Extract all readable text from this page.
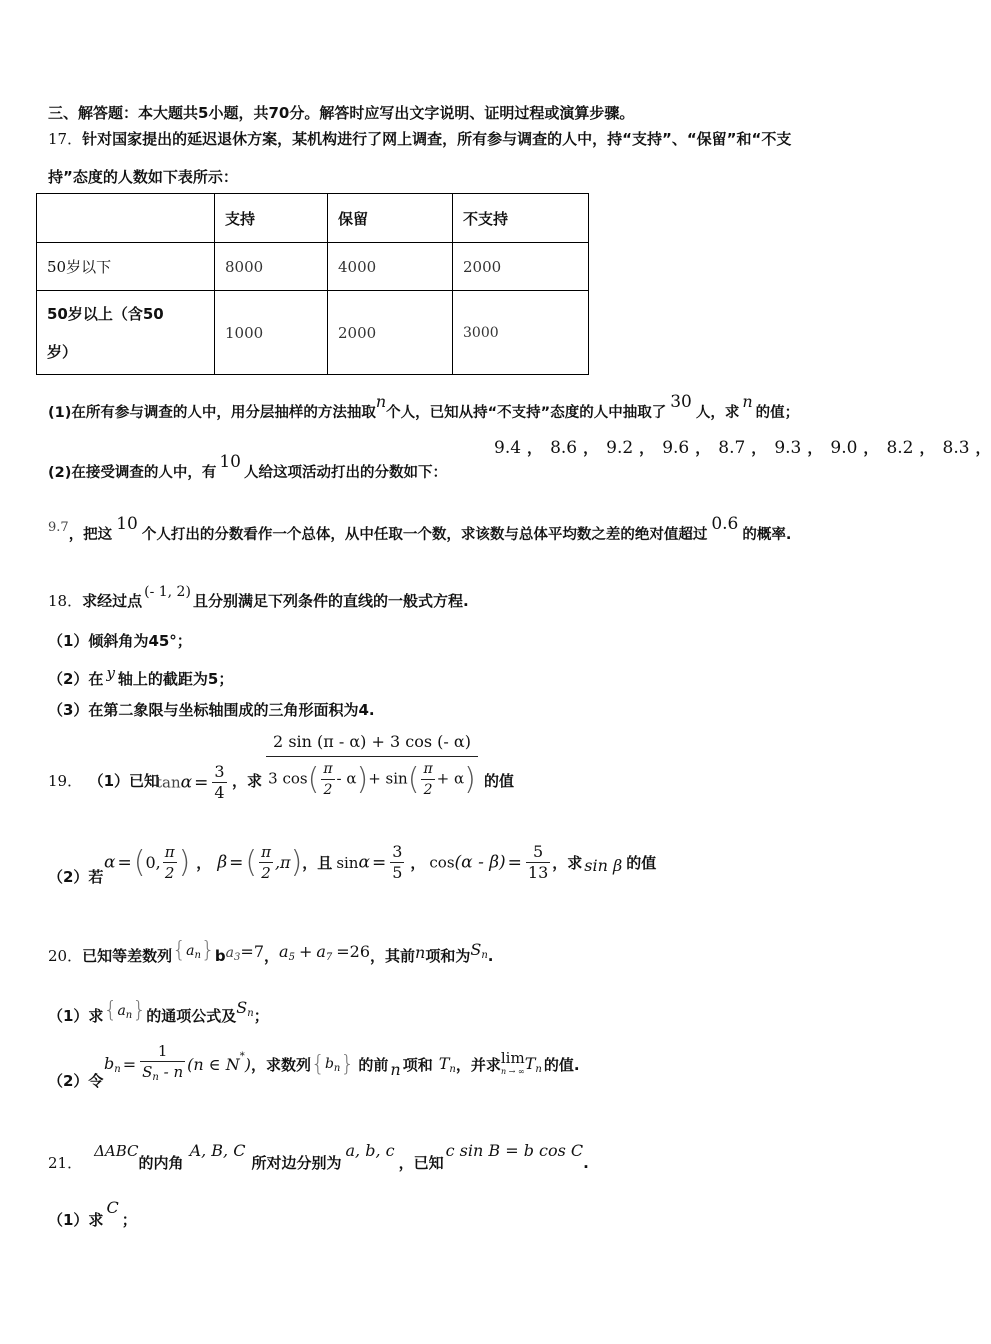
三、解答题：本大题共5小题，共70分。解答时应写出文字说明、证明过程或演算步骤。
17．针对国家提出的延迟退休方案，某机构进行了网上调查，所有参与调查的人中，持“支持”、“保留”和“不支
持”态度的人数如下表所示：
	支持	保留	不支持
50岁以下	8000	4000	2000

50岁以上（含50
岁）	1000	2000	3000
(1)在所有参与调查的人中，用分层抽样的方法抽取n个人，已知从持“不支持”态度的人中抽取了30人，求n的值；
(2)在接受调查的人中，有10人给这项活动打出的分数如下：
9.4 ， 8.6 ， 9.2 ， 9.6 ， 8.7 ， 9.3 ， 9.0 ， 8.2 ， 8.3 ，
9.7，把这10个人打出的分数看作一个总体，从中任取一个数，求该数与总体平均数之差的绝对值超过0.6的概率.
18．求经过点 (- 1, 2) 且分别满足下列条件的直线的一般式方程.
（1）倾斜角为45°；
（2）在 y 轴上的截距为5；
（3）在第二象限与坐标轴围成的三角形面积为4.
19． （1）已知
$\tan\alpha = \frac{3}{4}$ ，求 $\frac{2 \sin (\pi - \alpha) + 3 \cos (- \alpha)}{3 \cos( \frac{\pi}{2} - \alpha)+ \sin( \frac{\pi}{2} + \alpha)}$ 的值
（2）若
α =(0, $\frac{\pi}{2}$ ) ， β =( $\frac{\pi}{2} ,\pi$)，且 $\sin\alpha = \frac{3}{5}$ ， $\cos(\alpha - \beta) = \frac{5}{13}$ ，求 sin β 的值
20．已知等差数列$\{a_n\}ba_3=7$，$a_5 + a_7 =26$，其前n项和为$S_n$.
（1）求$\{a_n\}$的通项公式及$S_n$；
（2）令
$b_n = \frac{1}{S_n - n} (n$ ∈ N*)，求数列$\{b_n\}$ 的前 n 项和 $T_n$，并求 lim
n → ∞ $T_n$ 的值.
21．ΔABC的内角A, B, C所对边分别为a, b, c，已知c sin B = b cos C.
（1）求C；
